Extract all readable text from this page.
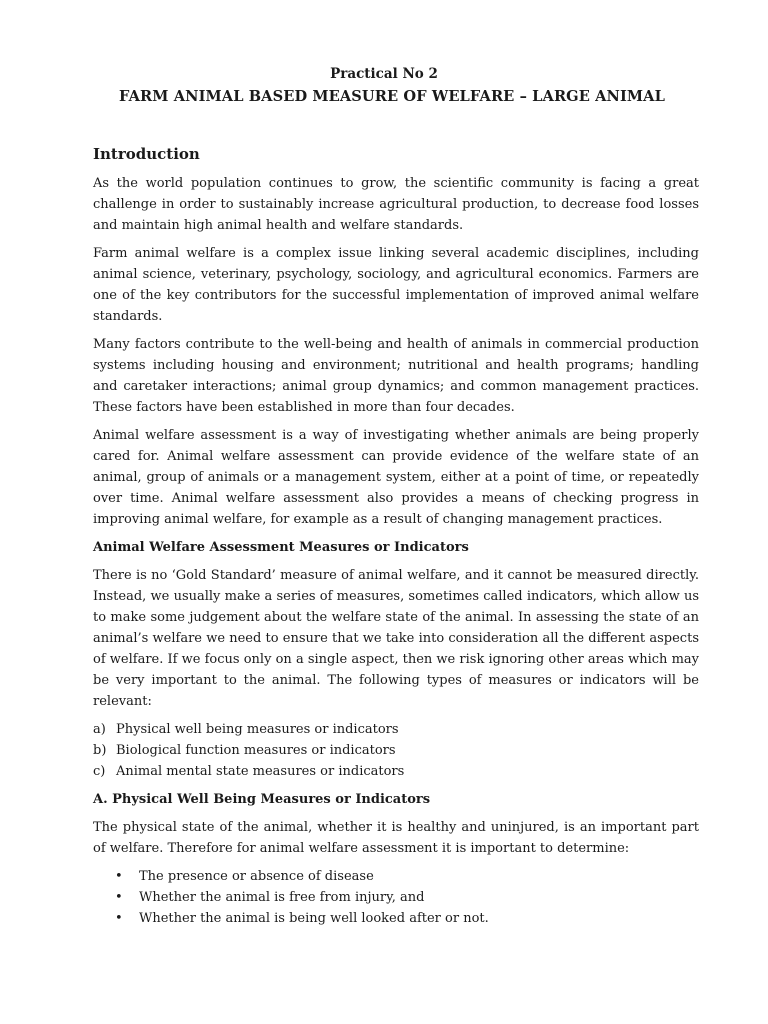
Practical No 2
FARM ANIMAL BASED MEASURE OF WELFARE – LARGE ANIMAL
Introduction

As the world population continues to grow, the scientific community is facing a great challenge in order to sustainably increase agricultural production, to decrease food losses and maintain high animal health and welfare standards.

Farm animal welfare is a complex issue linking several academic disciplines, including animal science, veterinary, psychology, sociology, and agricultural economics. Farmers are one of the key contributors for the successful implementation of improved animal welfare standards.

Many factors contribute to the well-being and health of animals in commercial production systems including housing and environment; nutritional and health programs; handling and caretaker interactions; animal group dynamics; and common management practices. These factors have been established in more than four decades.

Animal welfare assessment is a way of investigating whether animals are being properly cared for. Animal welfare assessment can provide evidence of the welfare state of an animal, group of animals or a management system, either at a point of time, or repeatedly over time. Animal welfare assessment also provides a means of checking progress in improving animal welfare, for example as a result of changing management practices.

Animal Welfare Assessment Measures or Indicators

There is no ‘Gold Standard’ measure of animal welfare, and it cannot be measured directly. Instead, we usually make a series of measures, sometimes called indicators, which allow us to make some judgement about the welfare state of the animal. In assessing the state of an animal’s welfare we need to ensure that we take into consideration all the different aspects of welfare. If we focus only on a single aspect, then we risk ignoring other areas which may be very important to the animal. The following types of measures or indicators will be relevant:

a) Physical well being measures or indicators
b) Biological function measures or indicators
c) Animal mental state measures or indicators
A. Physical Well Being Measures or Indicators

The physical state of the animal, whether it is healthy and uninjured, is an important part of welfare. Therefore for animal welfare assessment it is important to determine:

•	The presence or absence of disease
•	Whether the animal is free from injury, and
•	Whether the animal is being well looked after or not.
